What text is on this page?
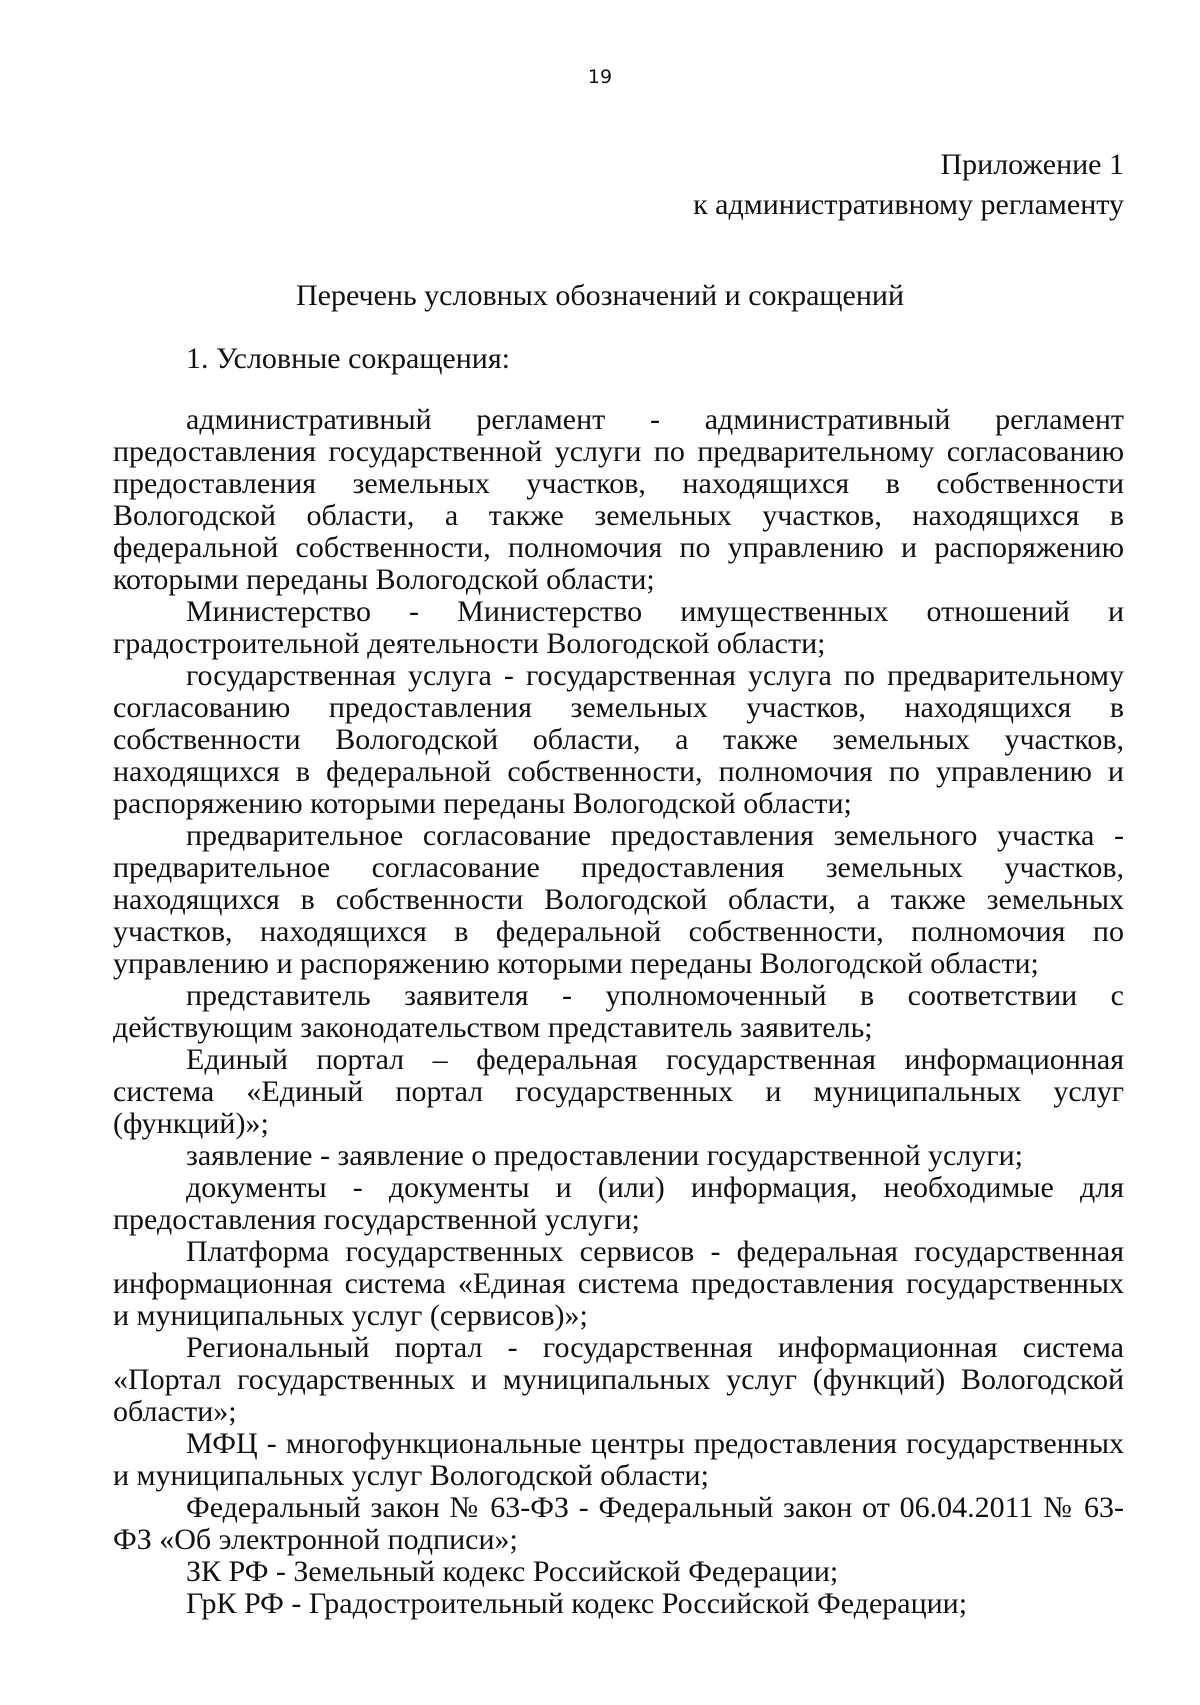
19
Приложение 1
к административному регламенту
Перечень условных обозначений и сокращений
1. Условные сокращения:

административный регламент - административный регламент предоставления государственной услуги по предварительному согласованию предоставления земельных участков, находящихся в собственности Вологодской области, а также земельных участков, находящихся в федеральной собственности, полномочия по управлению и распоряжению которыми переданы Вологодской области;

Министерство - Министерство имущественных отношений и градостроительной деятельности Вологодской области;

государственная услуга - государственная услуга по предварительному согласованию предоставления земельных участков, находящихся в собственности Вологодской области, а также земельных участков, находящихся в федеральной собственности, полномочия по управлению и распоряжению которыми переданы Вологодской области;

предварительное согласование предоставления земельного участка - предварительное согласование предоставления земельных участков, находящихся в собственности Вологодской области, а также земельных участков, находящихся в федеральной собственности, полномочия по управлению и распоряжению которыми переданы Вологодской области;

представитель заявителя - уполномоченный в соответствии с действующим законодательством представитель заявитель;

Единый портал – федеральная государственная информационная система «Единый портал государственных и муниципальных услуг (функций)»;

заявление - заявление о предоставлении государственной услуги;

документы - документы и (или) информация, необходимые для предоставления государственной услуги;

Платформа государственных сервисов - федеральная государственная информационная система «Единая система предоставления государственных и муниципальных услуг (сервисов)»;

Региональный портал - государственная информационная система «Портал государственных и муниципальных услуг (функций) Вологодской области»;

МФЦ - многофункциональные центры предоставления государственных и муниципальных услуг Вологодской области;

Федеральный закон № 63-ФЗ - Федеральный закон от 06.04.2011 № 63-ФЗ «Об электронной подписи»;

ЗК РФ - Земельный кодекс Российской Федерации;

ГрК РФ - Градостроительный кодекс Российской Федерации;
